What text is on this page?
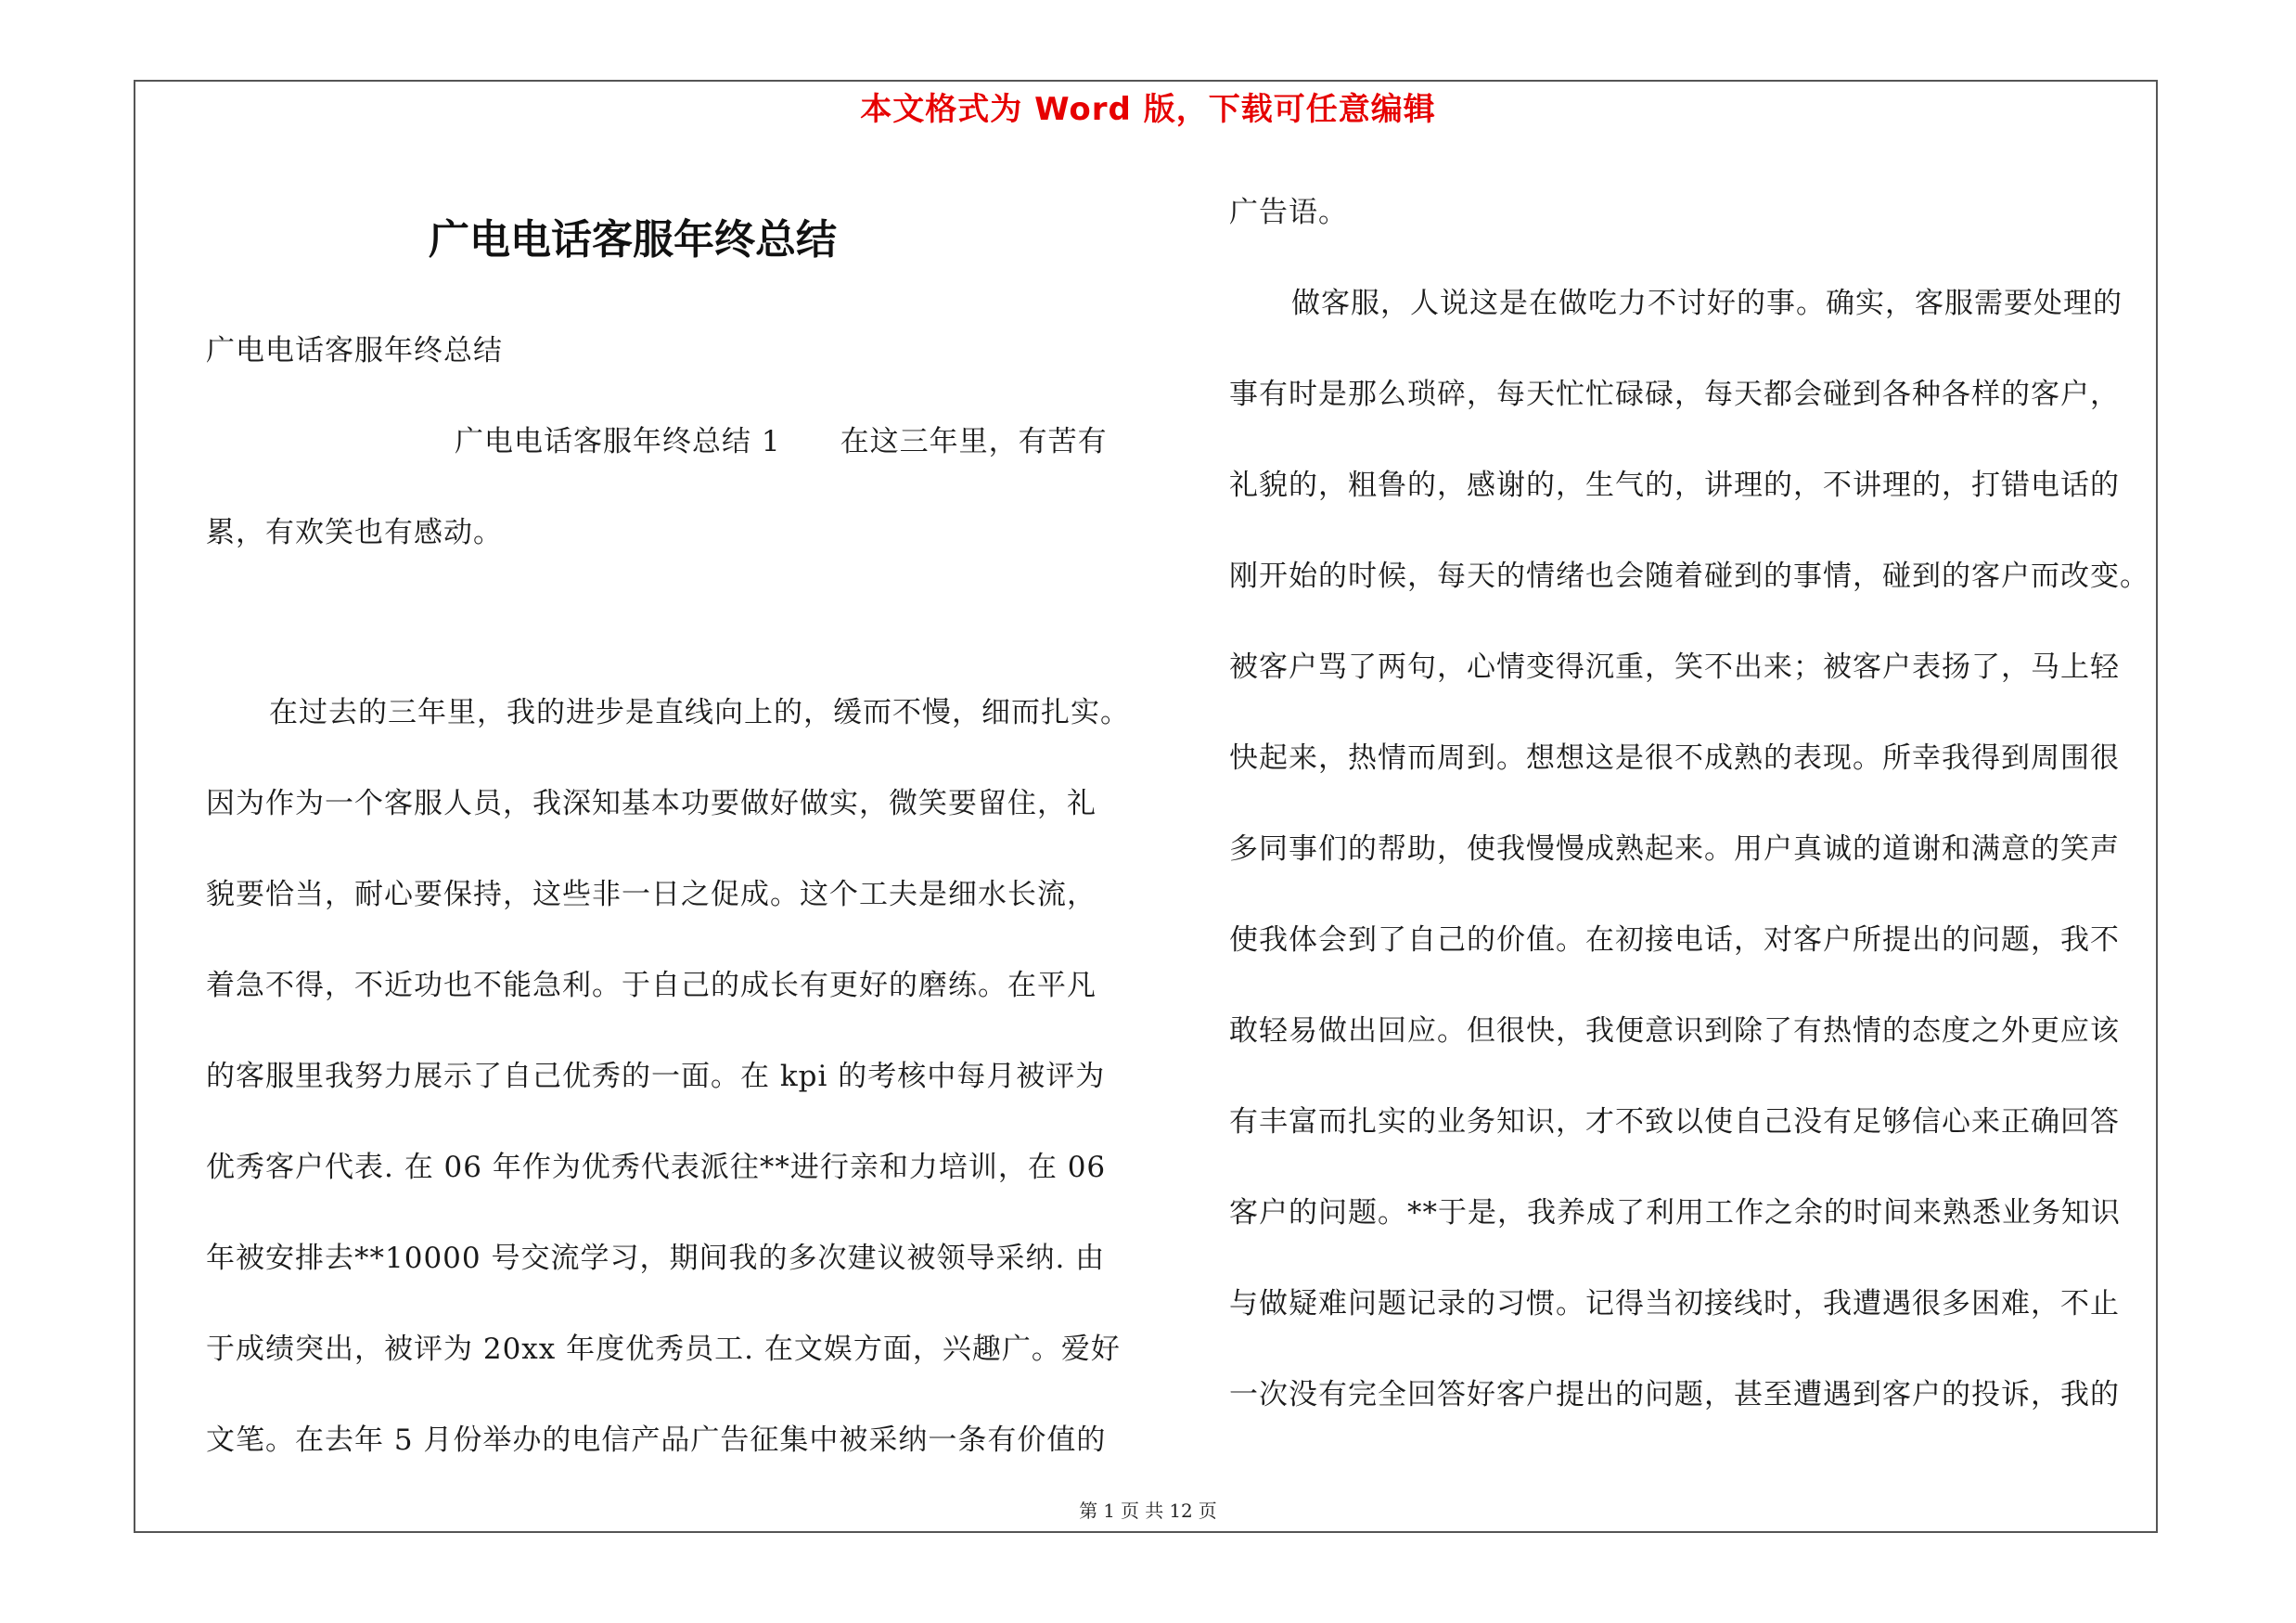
本文格式为 Word 版，下载可任意编辑
广电电话客服年终总结
广电电话客服年终总结
广电电话客服年终总结 1　　在这三年里，有苦有
累，有欢笑也有感动。
在过去的三年里，我的进步是直线向上的，缓而不慢，细而扎实。
因为作为一个客服人员，我深知基本功要做好做实，微笑要留住，礼
貌要恰当，耐心要保持，这些非一日之促成。这个工夫是细水长流，
着急不得，不近功也不能急利。于自己的成长有更好的磨练。在平凡
的客服里我努力展示了自己优秀的一面。在 kpi 的考核中每月被评为
优秀客户代表. 在 06 年作为优秀代表派往**进行亲和力培训，在 06
年被安排去**10000 号交流学习，期间我的多次建议被领导采纳. 由
于成绩突出，被评为 20xx 年度优秀员工. 在文娱方面，兴趣广。爱好
文笔。在去年 5 月份举办的电信产品广告征集中被采纳一条有价值的
广告语。
做客服，人说这是在做吃力不讨好的事。确实，客服需要处理的
事有时是那么琐碎，每天忙忙碌碌，每天都会碰到各种各样的客户，
礼貌的，粗鲁的，感谢的，生气的，讲理的，不讲理的，打错电话的
刚开始的时候，每天的情绪也会随着碰到的事情，碰到的客户而改变。
被客户骂了两句，心情变得沉重，笑不出来；被客户表扬了，马上轻
快起来，热情而周到。想想这是很不成熟的表现。所幸我得到周围很
多同事们的帮助，使我慢慢成熟起来。用户真诚的道谢和满意的笑声
使我体会到了自己的价值。在初接电话，对客户所提出的问题，我不
敢轻易做出回应。但很快，我便意识到除了有热情的态度之外更应该
有丰富而扎实的业务知识，才不致以使自己没有足够信心来正确回答
客户的问题。**于是，我养成了利用工作之余的时间来熟悉业务知识
与做疑难问题记录的习惯。记得当初接线时，我遭遇很多困难，不止
一次没有完全回答好客户提出的问题，甚至遭遇到客户的投诉，我的
第 1 页 共 12 页
